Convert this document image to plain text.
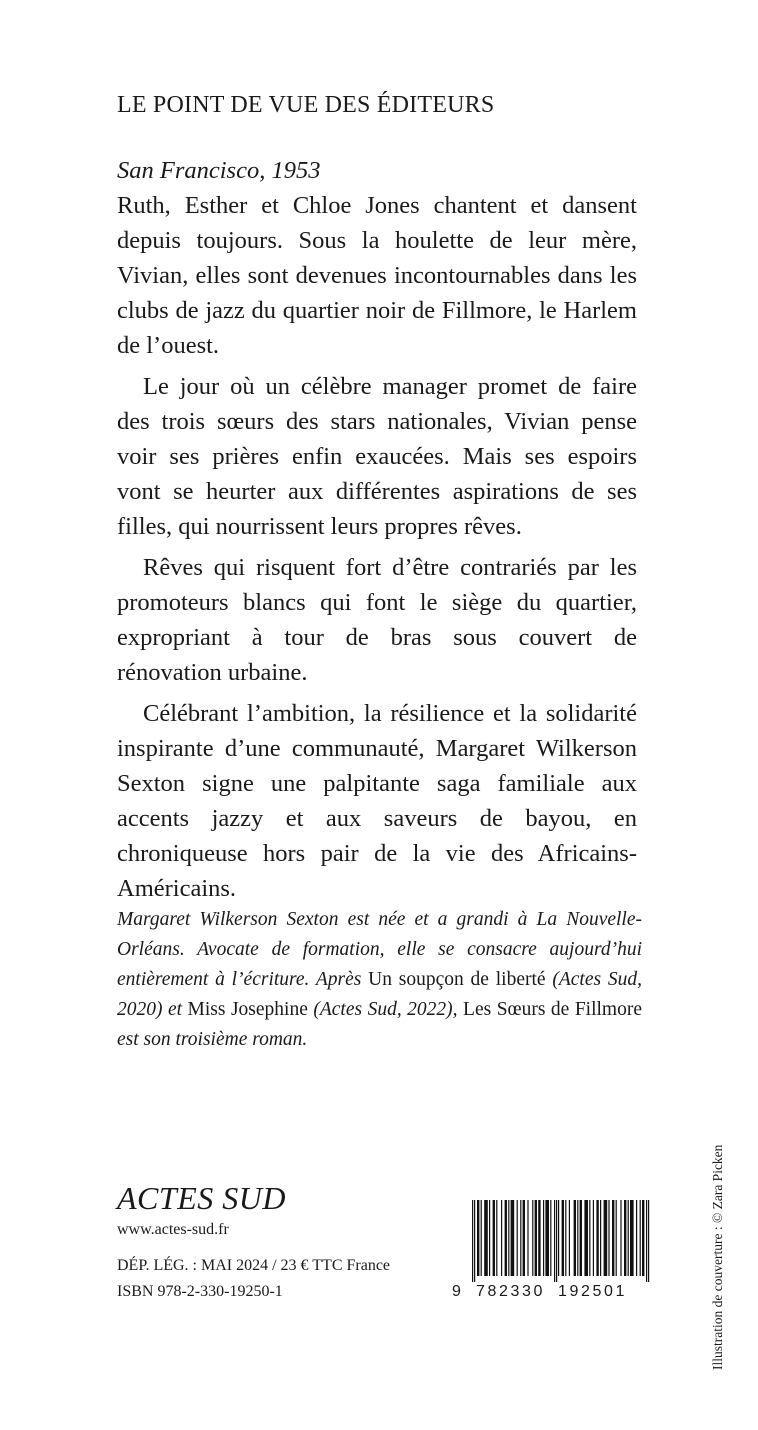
LE POINT DE VUE DES ÉDITEURS

San Francisco, 1953
Ruth, Esther et Chloe Jones chantent et dansent depuis toujours. Sous la houlette de leur mère, Vivian, elles sont devenues incontournables dans les clubs de jazz du quartier noir de Fillmore, le Harlem de l’ouest.

Le jour où un célèbre manager promet de faire des trois sœurs des stars nationales, Vivian pense voir ses prières enfin exaucées. Mais ses espoirs vont se heurter aux différentes aspirations de ses filles, qui nourrissent leurs propres rêves.

Rêves qui risquent fort d’être contrariés par les promoteurs blancs qui font le siège du quartier, expropriant à tour de bras sous couvert de rénovation urbaine.

Célébrant l’ambition, la résilience et la solidarité inspirante d’une communauté, Margaret Wilkerson Sexton signe une palpitante saga familiale aux accents jazzy et aux saveurs de bayou, en chroniqueuse hors pair de la vie des Africains-Américains.

Margaret Wilkerson Sexton est née et a grandi à La Nouvelle-Orléans. Avocate de formation, elle se consacre aujourd’hui entièrement à l’écriture. Après Un soupçon de liberté (Actes Sud, 2020) et Miss Josephine (Actes Sud, 2022), Les Sœurs de Fillmore est son troisième roman.
ACTES SUD
www.actes-sud.fr
DÉP. LÉG. : MAI 2024 / 23 € TTC France
ISBN 978-2-330-19250-1	9 782330 192501	Illustration de couverture : © Zara Picken
